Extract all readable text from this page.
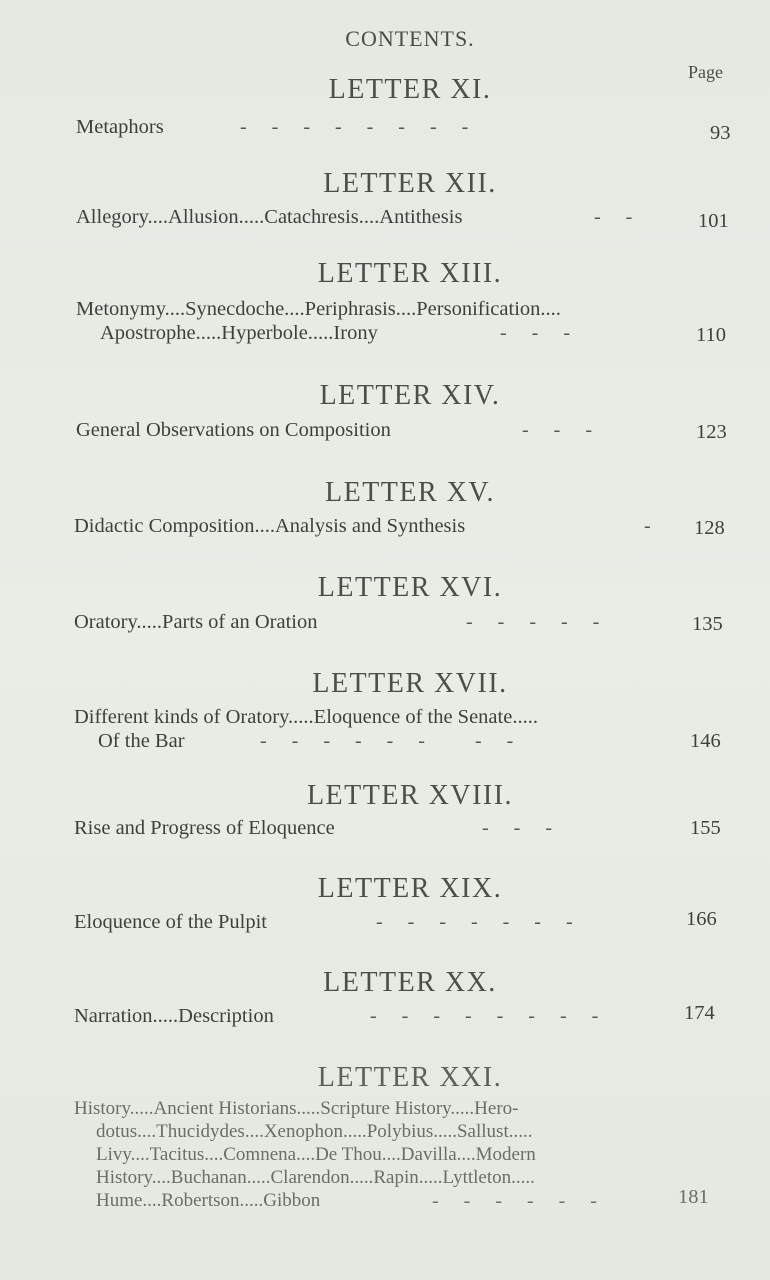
CONTENTS.
Page
LETTER XI.
Metaphors	-     -     -     -     -     -     -     -	93
LETTER XII.
Allegory....Allusion.....Catachresis....Antithesis	-     -	101
LETTER XIII.
Metonymy....Synecdoche....Periphrasis....Personification....
Apostrophe.....Hyperbole.....Irony	-     -     -	110
LETTER XIV.
General Observations on Composition	-     -     -	123
LETTER XV.
Didactic Composition....Analysis and Synthesis	- 128
LETTER XVI.
Oratory.....Parts of an Oration	-     -     -     -     -	135
LETTER XVII.
Different kinds of Oratory.....Eloquence of the Senate.....
Of the Bar	-     -     -     -     -     -          -     -	146
LETTER XVIII.
Rise and Progress of Eloquence	-     -     -	155
LETTER XIX.
Eloquence of the Pulpit	-     -     -     -     -     -     -	166
LETTER XX.
Narration.....Description	-     -     -     -     -     -     -     -	174
LETTER XXI.
History.....Ancient Historians.....Scripture History.....Hero-
dotus....Thucidydes....Xenophon.....Polybius.....Sallust.....
Livy....Tacitus....Comnena....De Thou....Davilla....Modern
History....Buchanan.....Clarendon.....Rapin.....Lyttleton.....
Hume....Robertson.....Gibbon	-     -     -     -     -     -	181
